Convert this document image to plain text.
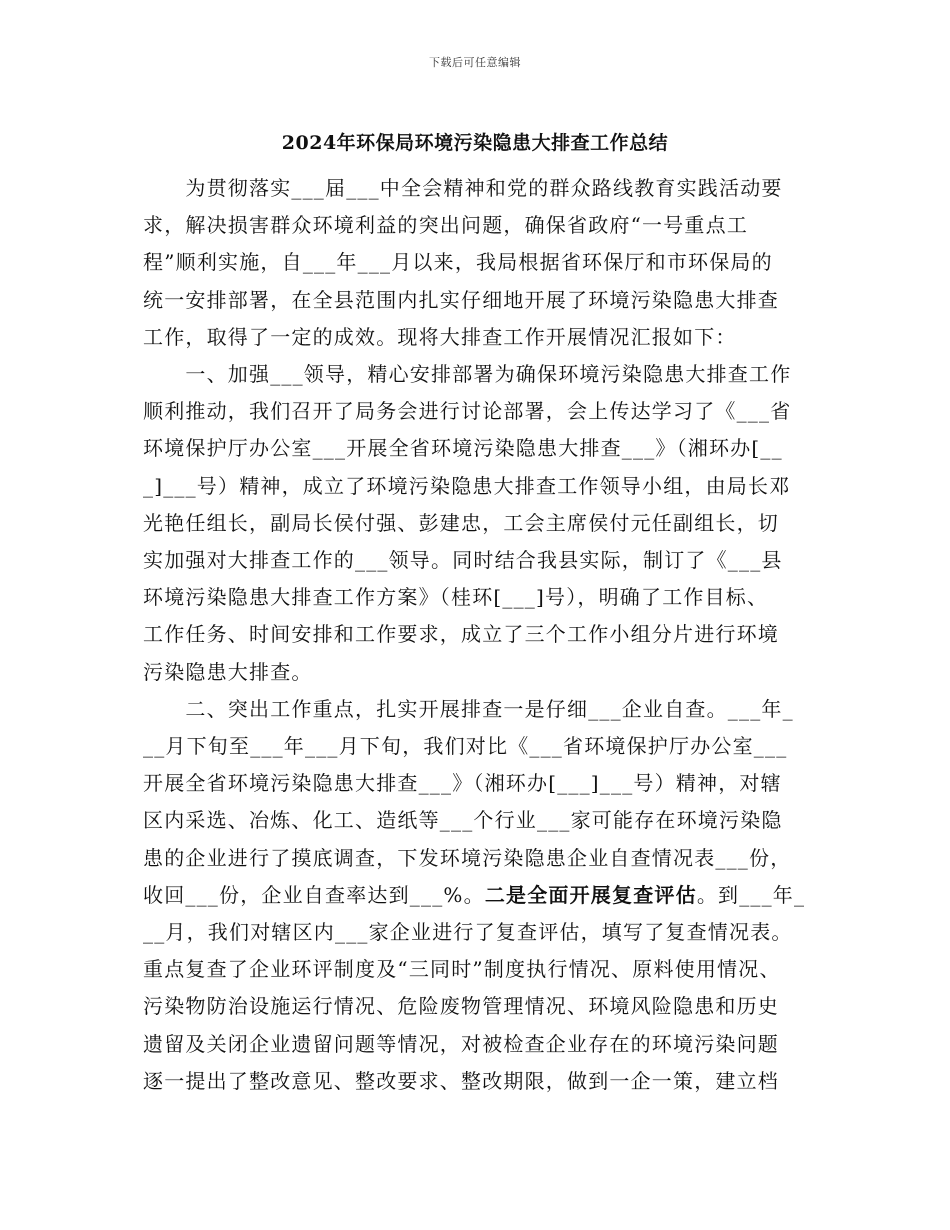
下载后可任意编辑
2024年环保局环境污染隐患大排查工作总结

　　为贯彻落实___届___中全会精神和党的群众路线教育实践活动要
求，解决损害群众环境利益的突出问题，确保省政府“一号重点工
程”顺利实施，自___年___月以来，我局根据省环保厅和市环保局的
统一安排部署，在全县范围内扎实仔细地开展了环境污染隐患大排查
工作，取得了一定的成效。现将大排查工作开展情况汇报如下：

　　一、加强___领导，精心安排部署为确保环境污染隐患大排查工作
顺利推动，我们召开了局务会进行讨论部署，会上传达学习了《___省
环境保护厅办公室___开展全省环境污染隐患大排查___》（湘环办[__
_]___号）精神，成立了环境污染隐患大排查工作领导小组，由局长邓
光艳任组长，副局长侯付强、彭建忠，工会主席侯付元任副组长，切
实加强对大排查工作的___领导。同时结合我县实际，制订了《___县
环境污染隐患大排查工作方案》（桂环[___]号），明确了工作目标、
工作任务、时间安排和工作要求，成立了三个工作小组分片进行环境
污染隐患大排查。

　　二、突出工作重点，扎实开展排查一是仔细___企业自查。___年_
__月下旬至___年___月下旬，我们对比《___省环境保护厅办公室___
开展全省环境污染隐患大排查___》（湘环办[___]___号）精神，对辖
区内采选、冶炼、化工、造纸等___个行业___家可能存在环境污染隐
患的企业进行了摸底调查，下发环境污染隐患企业自查情况表___份，
收回___份，企业自查率达到___%。二是全面开展复查评估。到___年_
__月，我们对辖区内___家企业进行了复查评估，填写了复查情况表。
重点复查了企业环评制度及“三同时”制度执行情况、原料使用情况、
污染物防治设施运行情况、危险废物管理情况、环境风险隐患和历史
遗留及关闭企业遗留问题等情况，对被检查企业存在的环境污染问题
逐一提出了整改意见、整改要求、整改期限，做到一企一策，建立档
